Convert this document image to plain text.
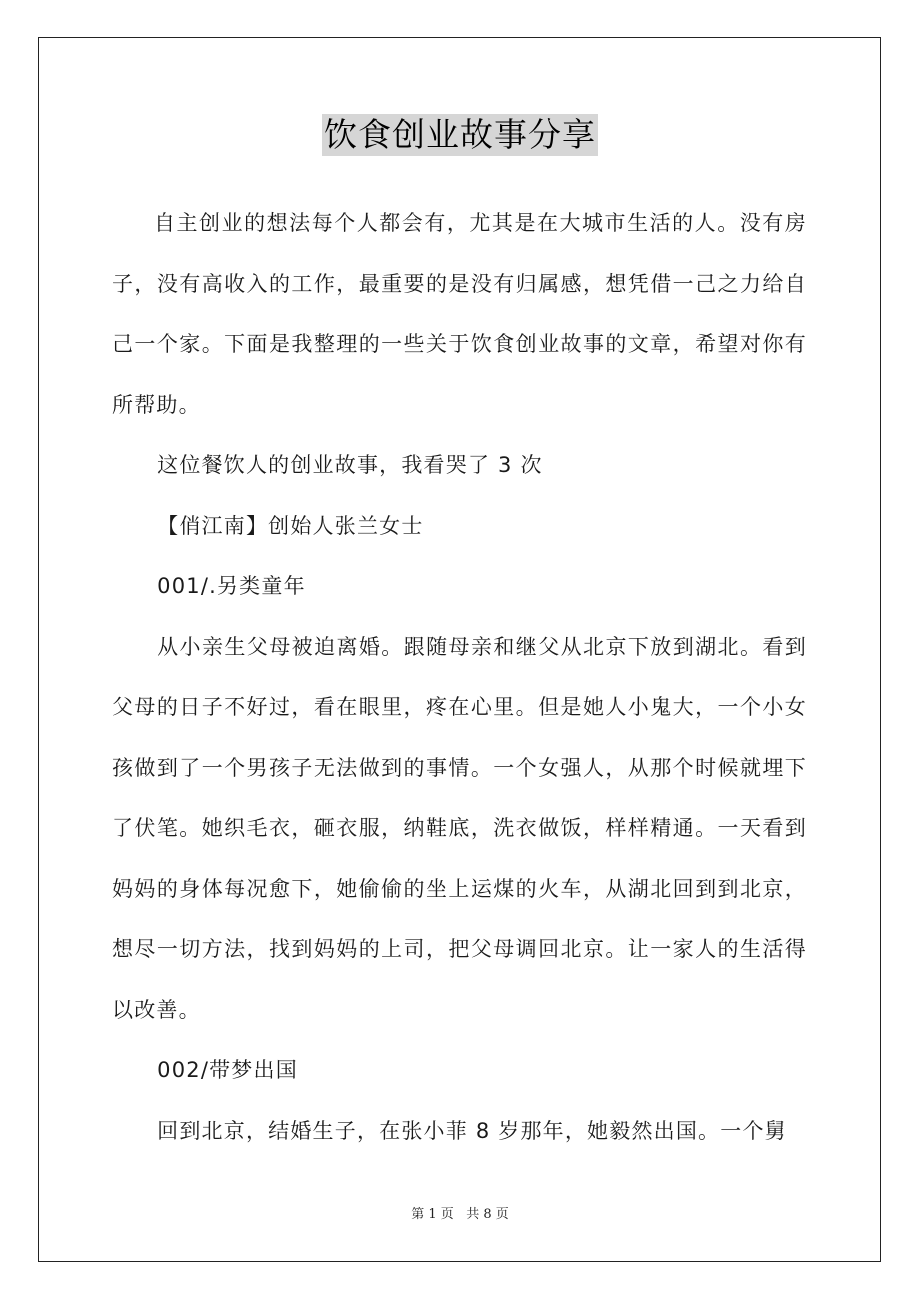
饮食创业故事分享

自主创业的想法每个人都会有，尤其是在大城市生活的人。没有房子，没有高收入的工作，最重要的是没有归属感，想凭借一己之力给自己一个家。下面是我整理的一些关于饮食创业故事的文章，希望对你有所帮助。

这位餐饮人的创业故事，我看哭了 3 次

【俏江南】创始人张兰女士

001/.另类童年

从小亲生父母被迫离婚。跟随母亲和继父从北京下放到湖北。看到父母的日子不好过，看在眼里，疼在心里。但是她人小鬼大，一个小女孩做到了一个男孩子无法做到的事情。一个女强人，从那个时候就埋下了伏笔。她织毛衣，砸衣服，纳鞋底，洗衣做饭，样样精通。一天看到妈妈的身体每况愈下，她偷偷的坐上运煤的火车，从湖北回到到北京，想尽一切方法，找到妈妈的上司，把父母调回北京。让一家人的生活得以改善。

002/带梦出国

回到北京，结婚生子，在张小菲 8 岁那年，她毅然出国。一个舅

第 1 页 共 8 页
